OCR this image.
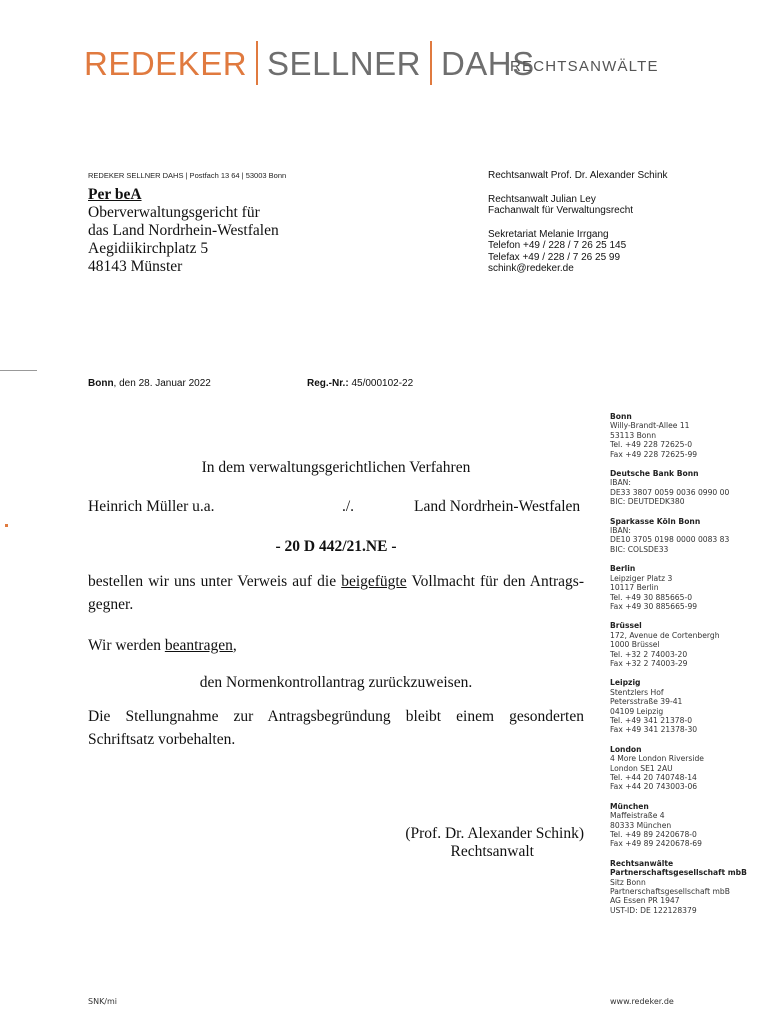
REDEKER SELLNER DAHS
RECHTSANWÄLTE
REDEKER SELLNER DAHS | Postfach 13 64 | 53003 Bonn
Per beA
Oberverwaltungsgericht für
das Land Nordrhein-Westfalen
Aegidiikirchplatz 5
48143 Münster
Rechtsanwalt Prof. Dr. Alexander Schink
Rechtsanwalt Julian Ley
Fachanwalt für Verwaltungsrecht
Sekretariat Melanie Irrgang
Telefon +49 / 228 / 7 26 25 145
Telefax +49 / 228 / 7 26 25 99
schink@redeker.de
Bonn, den 28. Januar 2022	Reg.-Nr.: 45/000102-22
In dem verwaltungsgerichtlichen Verfahren
Heinrich Müller u.a.	./.	Land Nordrhein-Westfalen
- 20 D 442/21.NE -
bestellen wir uns unter Verweis auf die beigefügte Vollmacht für den Antrags-gegner.
Wir werden beantragen,
den Normenkontrollantrag zurückzuweisen.
Die Stellungnahme zur Antragsbegründung bleibt einem gesonderten Schriftsatz vorbehalten.
(Prof. Dr. Alexander Schink)
Rechtsanwalt
Bonn
Willy-Brandt-Allee 11
53113 Bonn
Tel. +49 228 72625-0
Fax +49 228 72625-99
Deutsche Bank Bonn
IBAN:
DE33 3807 0059 0036 0990 00
BIC: DEUTDEDK380
Sparkasse Köln Bonn
IBAN:
DE10 3705 0198 0000 0083 83
BIC: COLSDE33
Berlin
Leipziger Platz 3
10117 Berlin
Tel. +49 30 885665-0
Fax +49 30 885665-99
Brüssel
172, Avenue de Cortenbergh
1000 Brüssel
Tel. +32 2 74003-20
Fax +32 2 74003-29
Leipzig
Stentzlers Hof
Petersstraße 39-41
04109 Leipzig
Tel. +49 341 21378-0
Fax +49 341 21378-30
London
4 More London Riverside
London SE1 2AU
Tel. +44 20 740748-14
Fax +44 20 743003-06
München
Maffeistraße 4
80333 München
Tel. +49 89 2420678-0
Fax +49 89 2420678-69
Rechtsanwälte
Partnerschaftsgesellschaft mbB
Sitz Bonn
Partnerschaftsgesellschaft mbB
AG Essen PR 1947
UST-ID: DE 122128379
SNK/mi	www.redeker.de
